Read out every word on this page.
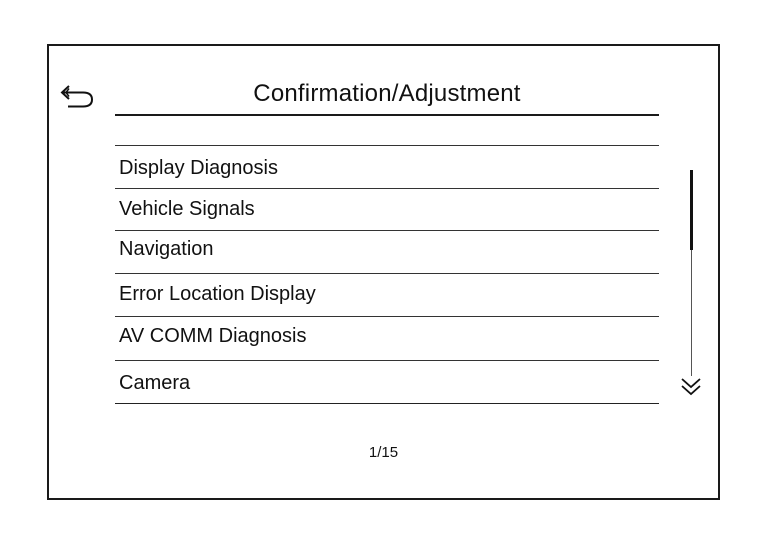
Confirmation/Adjustment
Display Diagnosis
Vehicle Signals
Navigation
Error Location Display
AV COMM Diagnosis
Camera
1/15
